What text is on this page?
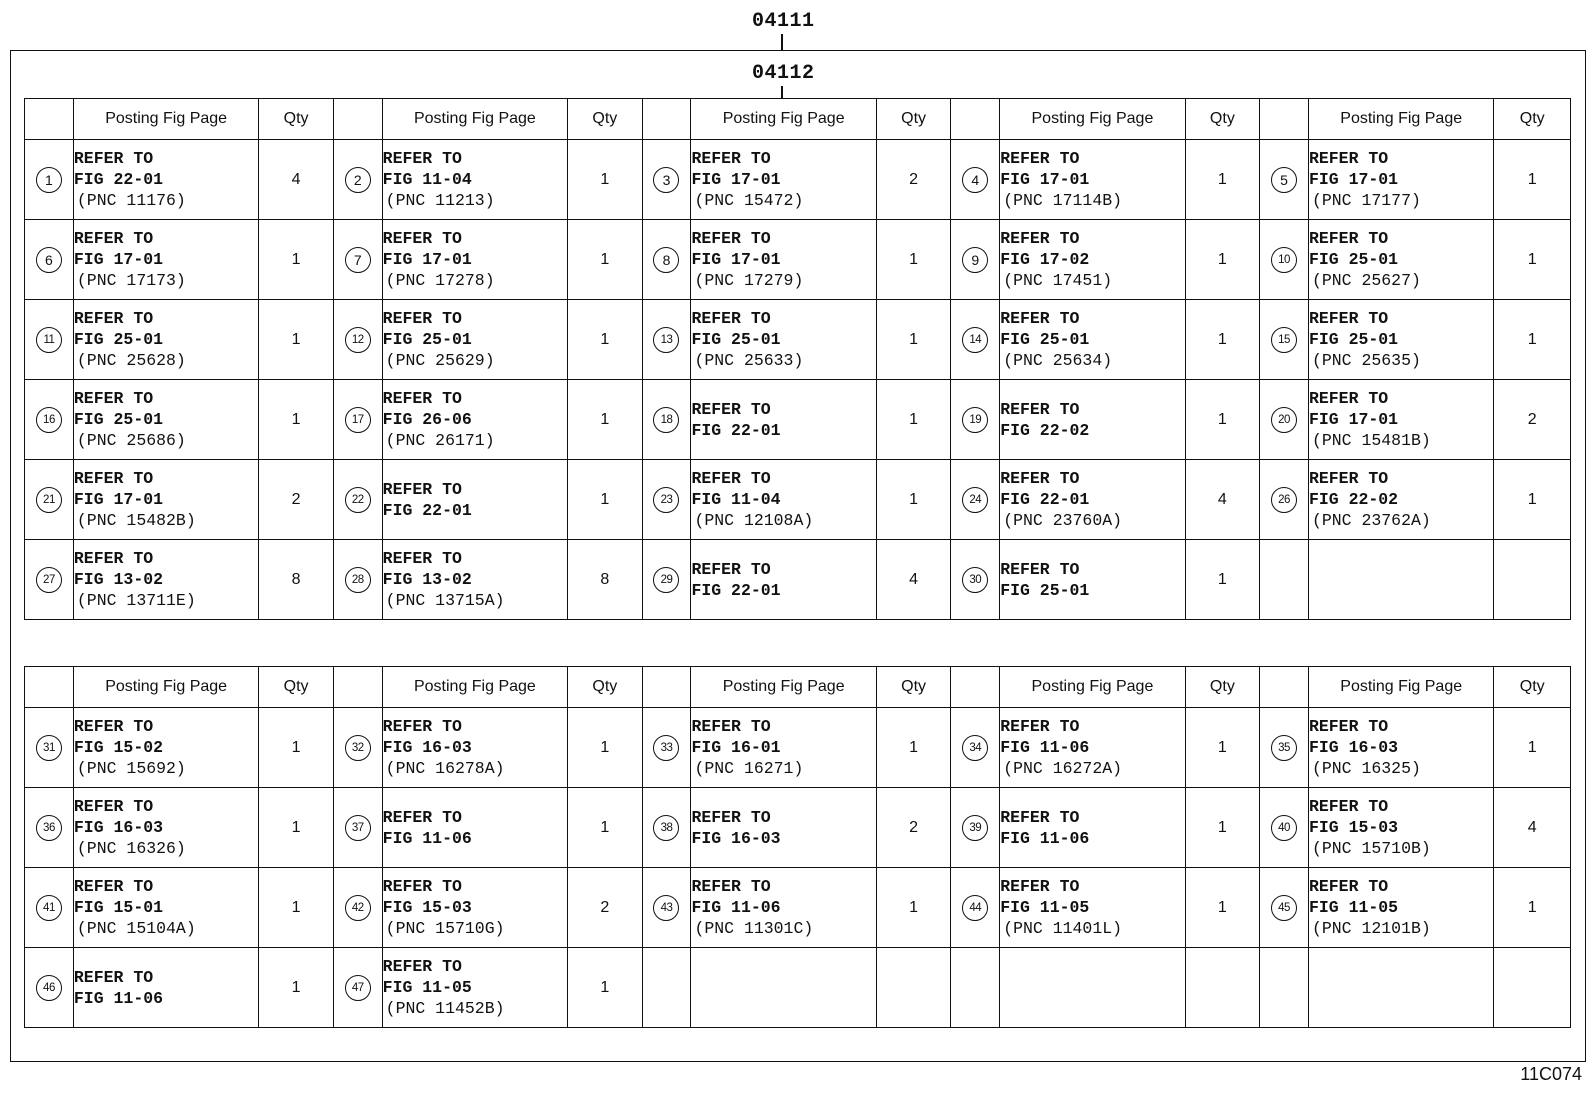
04111
04112
	Posting Fig Page	Qty		Posting Fig Page	Qty		Posting Fig Page	Qty		Posting Fig Page	Qty		Posting Fig Page	Qty
1	REFER TO
FIG 22-01
(PNC 11176)	4	2	REFER TO
FIG 11-04
(PNC 11213)	1	3	REFER TO
FIG 17-01
(PNC 15472)	2	4	REFER TO
FIG 17-01
(PNC 17114B)	1	5	REFER TO
FIG 17-01
(PNC 17177)	1
6	REFER TO
FIG 17-01
(PNC 17173)	1	7	REFER TO
FIG 17-01
(PNC 17278)	1	8	REFER TO
FIG 17-01
(PNC 17279)	1	9	REFER TO
FIG 17-02
(PNC 17451)	1	10	REFER TO
FIG 25-01
(PNC 25627)	1
11	REFER TO
FIG 25-01
(PNC 25628)	1	12	REFER TO
FIG 25-01
(PNC 25629)	1	13	REFER TO
FIG 25-01
(PNC 25633)	1	14	REFER TO
FIG 25-01
(PNC 25634)	1	15	REFER TO
FIG 25-01
(PNC 25635)	1
16	REFER TO
FIG 25-01
(PNC 25686)	1	17	REFER TO
FIG 26-06
(PNC 26171)	1	18	REFER TO
FIG 22-01	1	19	REFER TO
FIG 22-02	1	20	REFER TO
FIG 17-01
(PNC 15481B)	2
21	REFER TO
FIG 17-01
(PNC 15482B)	2	22	REFER TO
FIG 22-01	1	23	REFER TO
FIG 11-04
(PNC 12108A)	1	24	REFER TO
FIG 22-01
(PNC 23760A)	4	26	REFER TO
FIG 22-02
(PNC 23762A)	1
27	REFER TO
FIG 13-02
(PNC 13711E)	8	28	REFER TO
FIG 13-02
(PNC 13715A)	8	29	REFER TO
FIG 22-01	4	30	REFER TO
FIG 25-01	1			
	Posting Fig Page	Qty		Posting Fig Page	Qty		Posting Fig Page	Qty		Posting Fig Page	Qty		Posting Fig Page	Qty
31	REFER TO
FIG 15-02
(PNC 15692)	1	32	REFER TO
FIG 16-03
(PNC 16278A)	1	33	REFER TO
FIG 16-01
(PNC 16271)	1	34	REFER TO
FIG 11-06
(PNC 16272A)	1	35	REFER TO
FIG 16-03
(PNC 16325)	1
36	REFER TO
FIG 16-03
(PNC 16326)	1	37	REFER TO
FIG 11-06	1	38	REFER TO
FIG 16-03	2	39	REFER TO
FIG 11-06	1	40	REFER TO
FIG 15-03
(PNC 15710B)	4
41	REFER TO
FIG 15-01
(PNC 15104A)	1	42	REFER TO
FIG 15-03
(PNC 15710G)	2	43	REFER TO
FIG 11-06
(PNC 11301C)	1	44	REFER TO
FIG 11-05
(PNC 11401L)	1	45	REFER TO
FIG 11-05
(PNC 12101B)	1
46	REFER TO
FIG 11-06	1	47	REFER TO
FIG 11-05
(PNC 11452B)	1									
11C074
